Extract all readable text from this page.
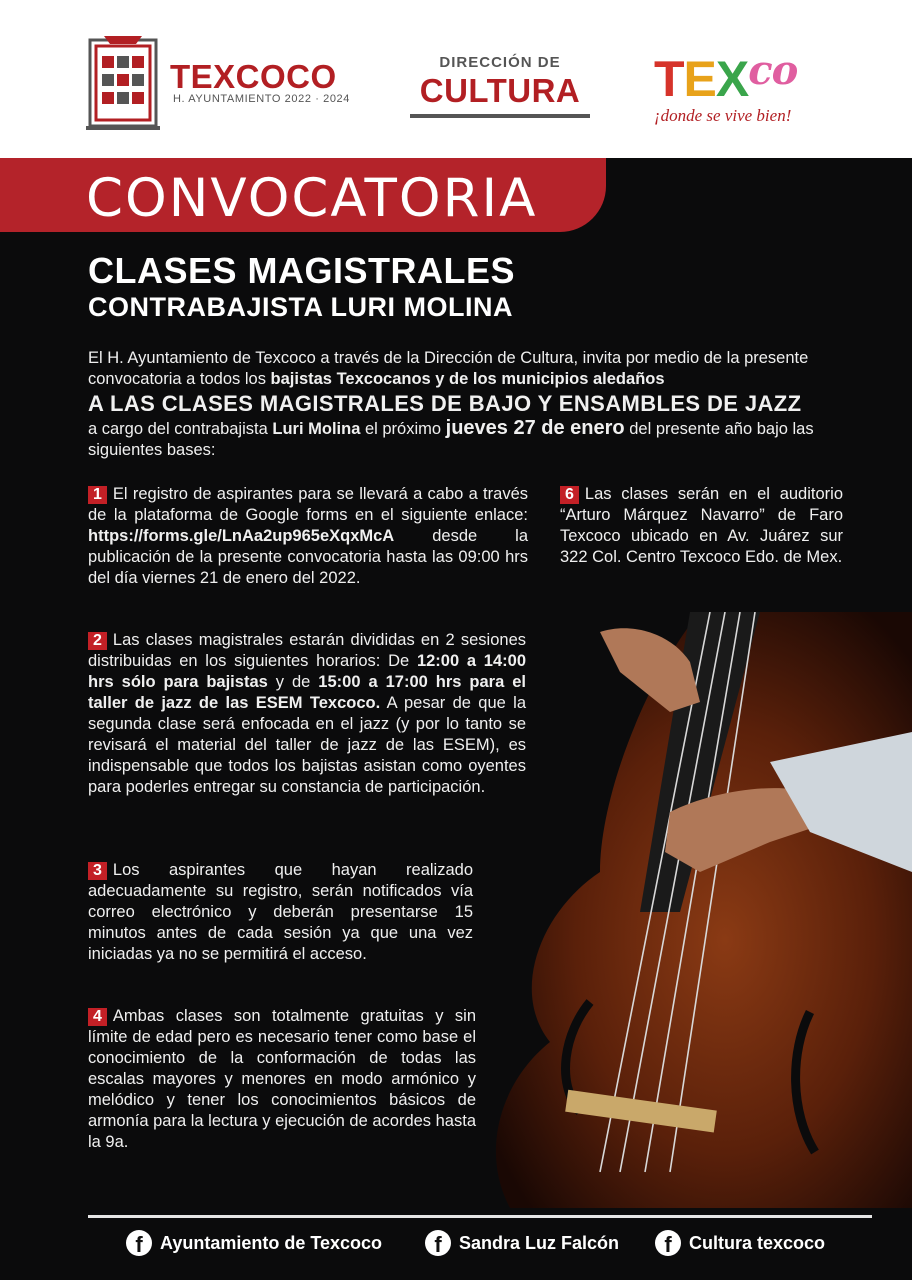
TEXCOCO
H. AYUNTAMIENTO 2022 · 2024
DIRECCIÓN DE
CULTURA $TEX^{co}$
¡donde se vive bien!
CONVOCATORIA
CLASES MAGISTRALES
CONTRABAJISTA LURI MOLINA
El H. Ayuntamiento de Texcoco a través de la Dirección de Cultura, invita por medio de la presente convocatoria a todos los bajistas Texcocanos y de los municipios aledaños
A LAS CLASES MAGISTRALES DE BAJO Y ENSAMBLES DE JAZZ
a cargo del contrabajista Luri Molina el próximo jueves 27 de enero del presente año bajo las siguientes bases:
1 El registro de aspirantes para se llevará a cabo a través de la plataforma de Google forms en el siguiente enlace: https://forms.gle/LnAa2up965eXqxMcA desde la publicación de la presente convocatoria hasta las 09:00 hrs del día viernes 21 de enero del 2022.
6 Las clases serán en el auditorio “Arturo Márquez Navarro” de Faro Texcoco ubicado en Av. Juárez sur 322 Col. Centro Texcoco Edo. de Mex.
2 Las clases magistrales estarán divididas en 2 sesiones distribuidas en los siguientes horarios: De 12:00 a 14:00 hrs sólo para bajistas y de 15:00 a 17:00 hrs para el taller de jazz de las ESEM Texcoco. A pesar de que la segunda clase será enfocada en el jazz (y por lo tanto se revisará el material del taller de jazz de las ESEM), es indispensable que todos los bajistas asistan como oyentes para poderles entregar su constancia de participación.
3 Los aspirantes que hayan realizado adecuadamente su registro, serán notificados vía correo electrónico y deberán presentarse 15 minutos antes de cada sesión ya que una vez iniciadas ya no se permitirá el acceso.
4 Ambas clases son totalmente gratuitas y sin límite de edad pero es necesario tener como base el conocimiento de la conformación de todas las escalas mayores y menores en modo armónico y melódico y tener los conocimientos básicos de armonía para la lectura y ejecución de acordes hasta la 9a.
f Ayuntamiento de Texcoco	f Sandra Luz Falcón	f Cultura texcoco
